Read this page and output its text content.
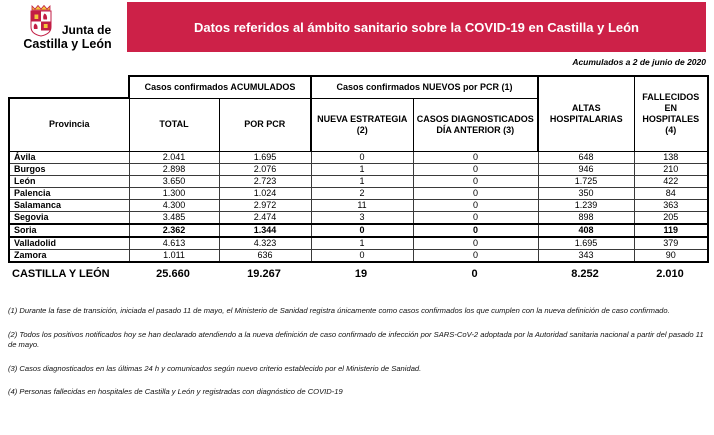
Junta de
Castilla y León
Datos referidos al ámbito sanitario sobre la COVID-19 en Castilla y León
Acumulados a 2 de junio de 2020
	Casos confirmados ACUMULADOS		Casos confirmados NUEVOS por PCR (1)		ALTAS HOSPITALARIAS	FALLECIDOS EN HOSPITALES (4)
Provincia	TOTAL	POR PCR	NUEVA ESTRATEGIA (2)	CASOS DIAGNOSTICADOS DÍA ANTERIOR (3)		
Ávila	2.041	1.695	0	0	648	138
Burgos	2.898	2.076	1	0	946	210
León	3.650	2.723	1	0	1.725	422
Palencia	1.300	1.024	2	0	350	84
Salamanca	4.300	2.972	11	0	1.239	363
Segovia	3.485	2.474	3	0	898	205
Soria	2.362	1.344	0	0	408	119
Valladolid	4.613	4.323	1	0	1.695	379
Zamora	1.011	636	0	0	343	90
CASTILLA Y LEÓN	25.660	19.267	19	0	8.252	2.010

(1) Durante la fase de transición, iniciada el pasado 11 de mayo, el Ministerio de Sanidad registra únicamente como casos confirmados los que cumplen con la nueva definición de caso confirmado.

(2) Todos los positivos notificados hoy se han declarado atendiendo a la nueva definición de caso confirmado de infección por SARS-CoV-2 adoptada por la Autoridad sanitaria nacional a partir del pasado 11 de mayo.

(3) Casos diagnosticados en las últimas 24 h y comunicados según nuevo criterio establecido por el Ministerio de Sanidad.

(4) Personas fallecidas en hospitales de Castilla y León y registradas con diagnóstico de COVID-19
